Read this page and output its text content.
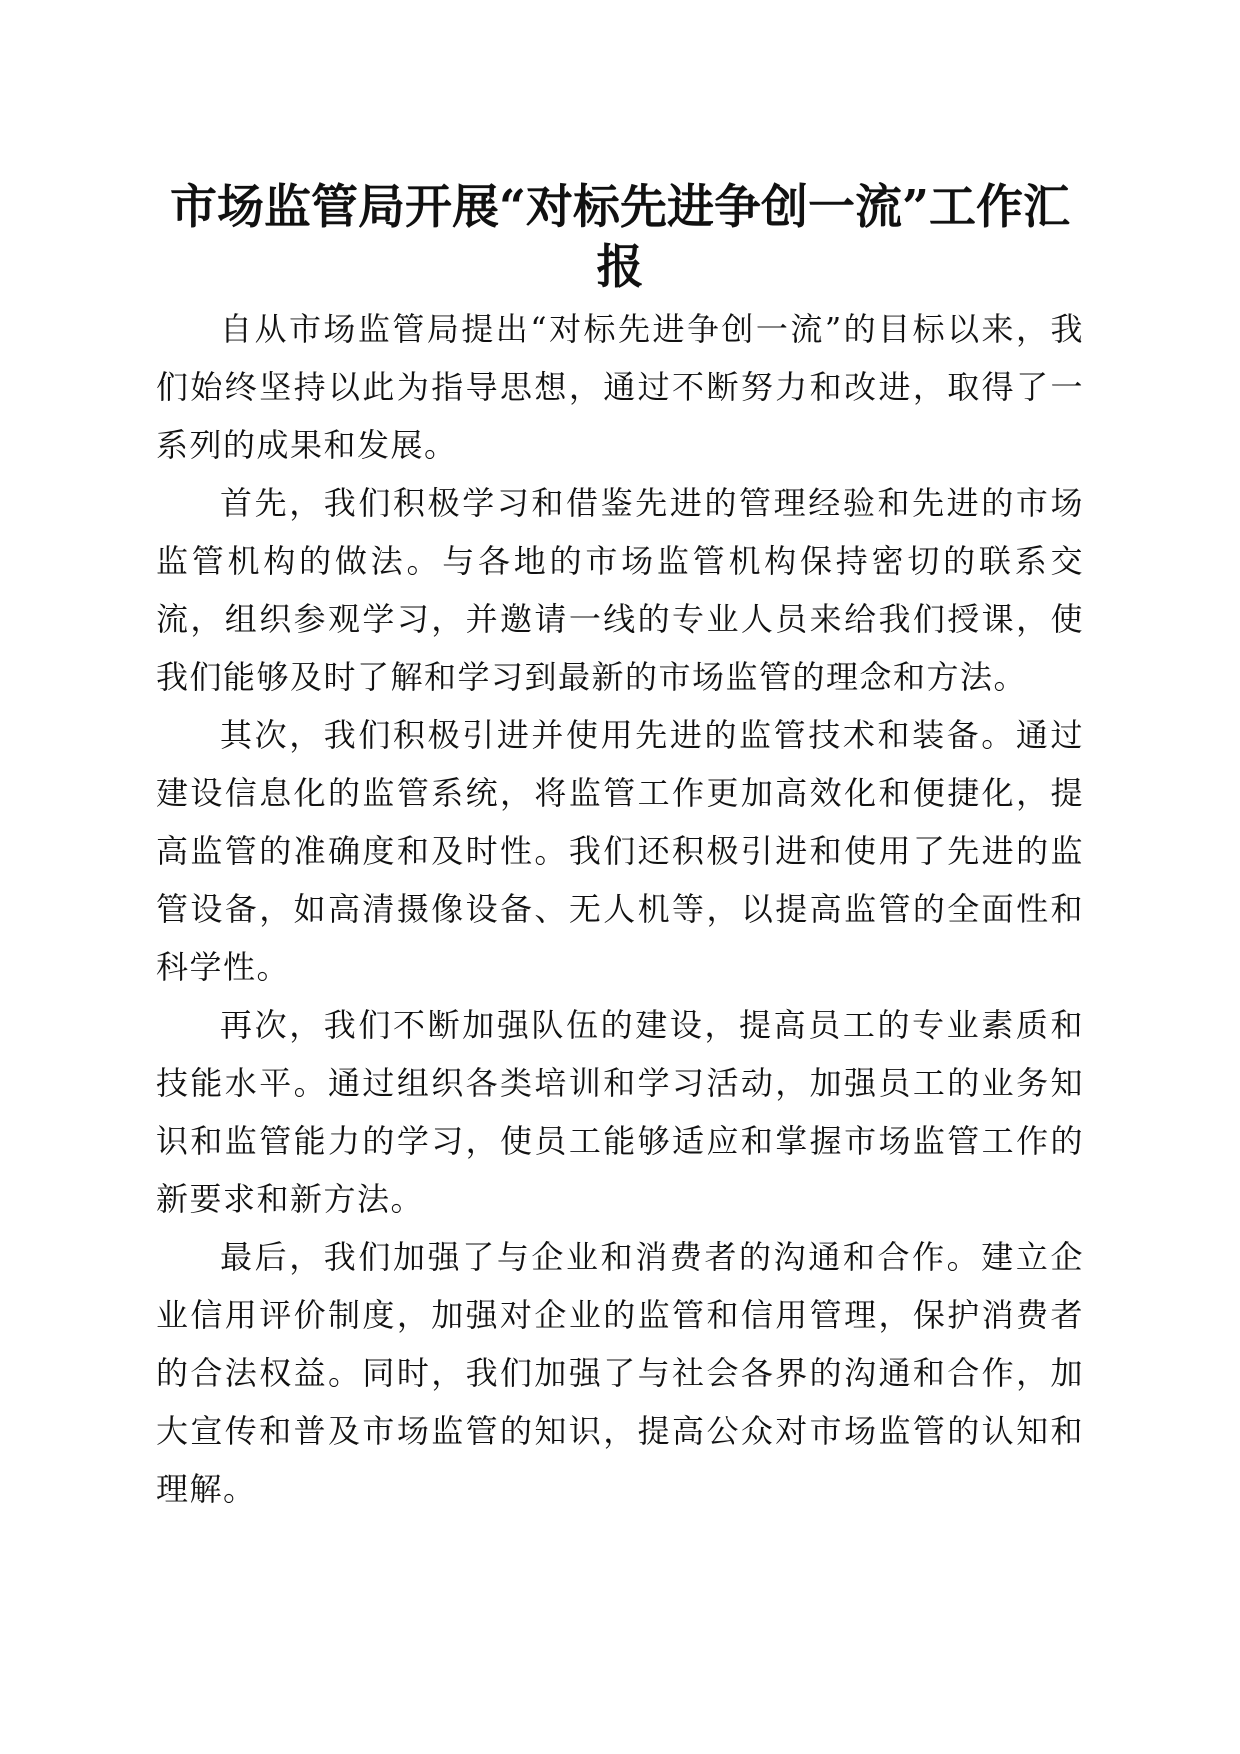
市场监管局开展“对标先进争创一流”工作汇报

自从市场监管局提出“对标先进争创一流”的目标以来，我们始终坚持以此为指导思想，通过不断努力和改进，取得了一系列的成果和发展。

首先，我们积极学习和借鉴先进的管理经验和先进的市场监管机构的做法。与各地的市场监管机构保持密切的联系交流，组织参观学习，并邀请一线的专业人员来给我们授课，使我们能够及时了解和学习到最新的市场监管的理念和方法。

其次，我们积极引进并使用先进的监管技术和装备。通过建设信息化的监管系统，将监管工作更加高效化和便捷化，提高监管的准确度和及时性。我们还积极引进和使用了先进的监管设备，如高清摄像设备、无人机等，以提高监管的全面性和科学性。

再次，我们不断加强队伍的建设，提高员工的专业素质和技能水平。通过组织各类培训和学习活动，加强员工的业务知识和监管能力的学习，使员工能够适应和掌握市场监管工作的新要求和新方法。

最后，我们加强了与企业和消费者的沟通和合作。建立企业信用评价制度，加强对企业的监管和信用管理，保护消费者的合法权益。同时，我们加强了与社会各界的沟通和合作，加大宣传和普及市场监管的知识，提高公众对市场监管的认知和理解。
